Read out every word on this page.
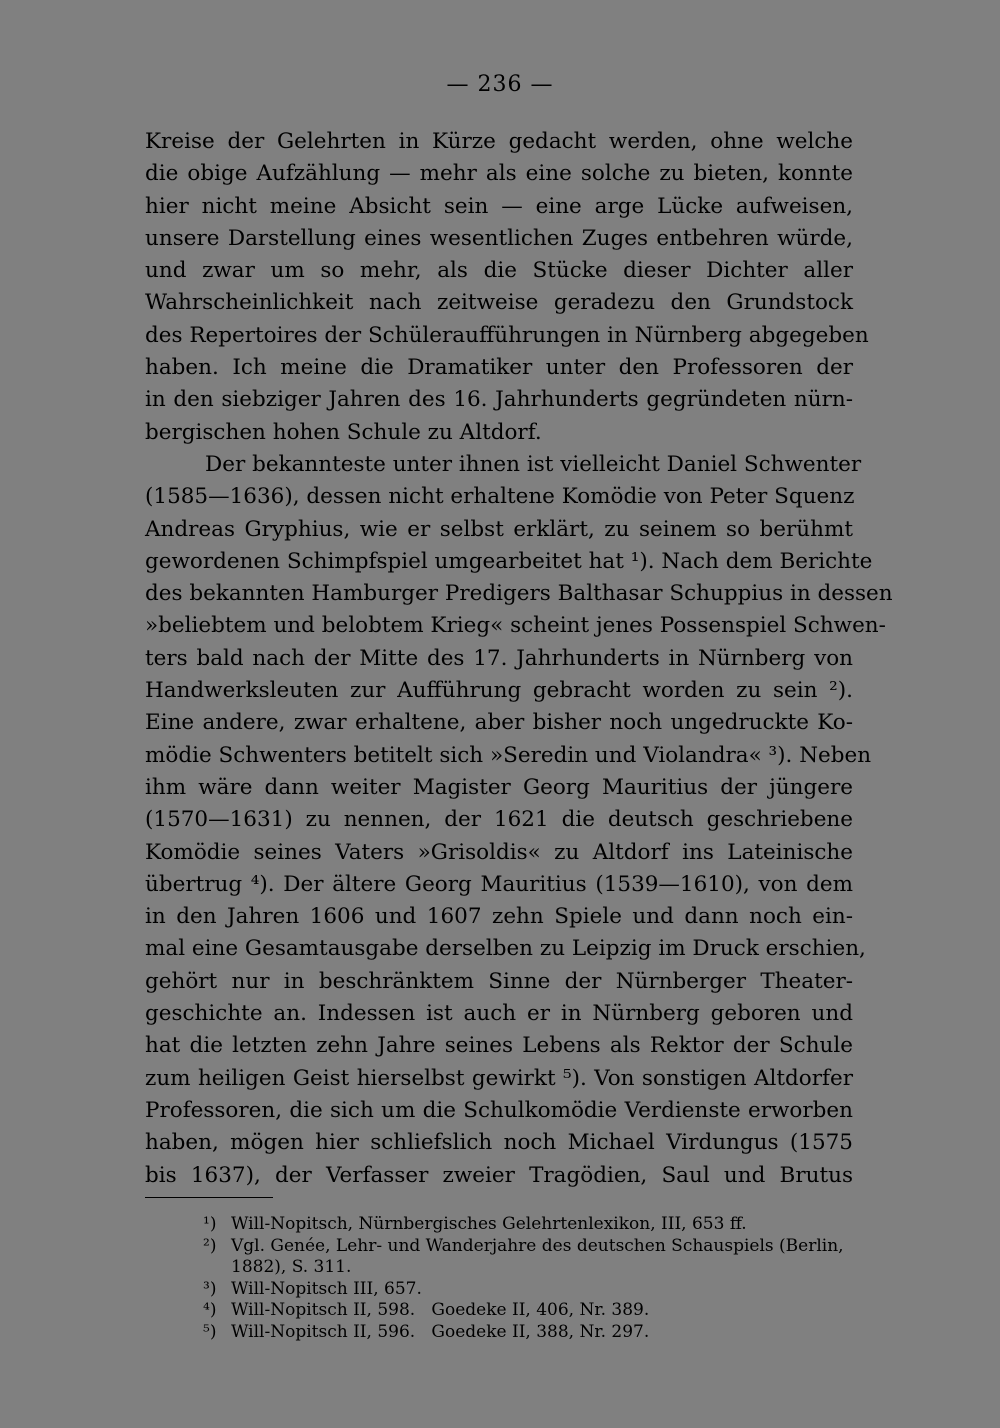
— 236 —
Kreise der Gelehrten in Kürze gedacht werden, ohne welche
die obige Aufzählung — mehr als eine solche zu bieten, konnte
hier nicht meine Absicht sein — eine arge Lücke aufweisen,
unsere Darstellung eines wesentlichen Zuges entbehren würde,
und zwar um so mehr, als die Stücke dieser Dichter aller
Wahrscheinlichkeit nach zeitweise geradezu den Grundstock
des Repertoires der Schüleraufführungen in Nürnberg abgegeben
haben. Ich meine die Dramatiker unter den Professoren der
in den siebziger Jahren des 16. Jahrhunderts gegründeten nürn-
bergischen hohen Schule zu Altdorf.
Der bekannteste unter ihnen ist vielleicht Daniel Schwenter
(1585—1636), dessen nicht erhaltene Komödie von Peter Squenz
Andreas Gryphius, wie er selbst erklärt, zu seinem so berühmt
gewordenen Schimpfspiel umgearbeitet hat ¹). Nach dem Berichte
des bekannten Hamburger Predigers Balthasar Schuppius in dessen
»beliebtem und belobtem Krieg« scheint jenes Possenspiel Schwen-
ters bald nach der Mitte des 17. Jahrhunderts in Nürnberg von
Handwerksleuten zur Aufführung gebracht worden zu sein ²).
Eine andere, zwar erhaltene, aber bisher noch ungedruckte Ko-
mödie Schwenters betitelt sich »Seredin und Violandra« ³). Neben
ihm wäre dann weiter Magister Georg Mauritius der jüngere
(1570—1631) zu nennen, der 1621 die deutsch geschriebene
Komödie seines Vaters »Grisoldis« zu Altdorf ins Lateinische
übertrug ⁴). Der ältere Georg Mauritius (1539—1610), von dem
in den Jahren 1606 und 1607 zehn Spiele und dann noch ein-
mal eine Gesamtausgabe derselben zu Leipzig im Druck erschien,
gehört nur in beschränktem Sinne der Nürnberger Theater-
geschichte an. Indessen ist auch er in Nürnberg geboren und
hat die letzten zehn Jahre seines Lebens als Rektor der Schule
zum heiligen Geist hierselbst gewirkt ⁵). Von sonstigen Altdorfer
Professoren, die sich um die Schulkomödie Verdienste erworben
haben, mögen hier schliefslich noch Michael Virdungus (1575
bis 1637), der Verfasser zweier Tragödien, Saul und Brutus
¹) Will-Nopitsch, Nürnbergisches Gelehrtenlexikon, III, 653 ff.
²) Vgl. Genée, Lehr- und Wanderjahre des deutschen Schauspiels (Berlin,
1882), S. 311.
³) Will-Nopitsch III, 657.
⁴) Will-Nopitsch II, 598.   Goedeke II, 406, Nr. 389.
⁵) Will-Nopitsch II, 596.   Goedeke II, 388, Nr. 297.
